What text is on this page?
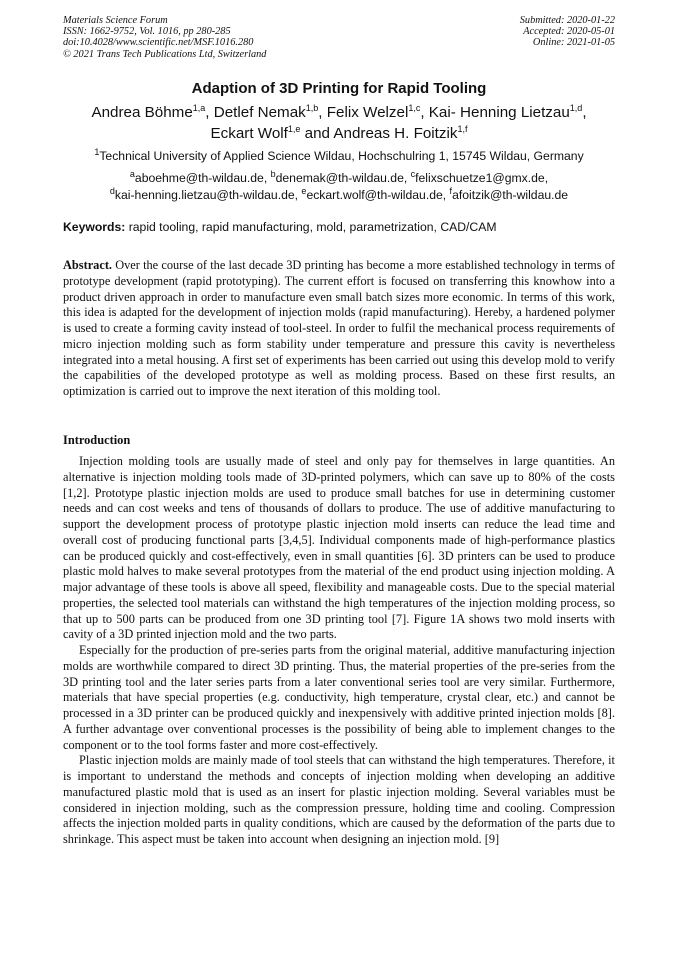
Materials Science Forum
ISSN: 1662-9752, Vol. 1016, pp 280-285
doi:10.4028/www.scientific.net/MSF.1016.280
© 2021 Trans Tech Publications Ltd, Switzerland
Submitted: 2020-01-22
Accepted: 2020-05-01
Online: 2021-01-05
Adaption of 3D Printing for Rapid Tooling
Andrea Böhme$^{1,a}$, Detlef Nemak$^{1,b}$, Felix Welzel$^{1,c}$, Kai- Henning Lietzau$^{1,d}$,
Eckart Wolf$^{1,e}$ and Andreas H. Foitzik$^{1,f}$
$^1$Technical University of Applied Science Wildau, Hochschulring 1, 15745 Wildau, Germany
$^a$aboehme@th-wildau.de, $^b$denemak@th-wildau.de, $^c$felixschuetze1@gmx.de,
$^d$kai-henning.lietzau@th-wildau.de, $^e$eckart.wolf@th-wildau.de, $^f$afoitzik@th-wildau.de
Keywords: rapid tooling, rapid manufacturing, mold, parametrization, CAD/CAM
Abstract. Over the course of the last decade 3D printing has become a more established technology in terms of prototype development (rapid prototyping). The current effort is focused on transferring this knowhow into a product driven approach in order to manufacture even small batch sizes more economic. In terms of this work, this idea is adapted for the development of injection molds (rapid manufacturing). Hereby, a hardened polymer is used to create a forming cavity instead of tool-steel. In order to fulfil the mechanical process requirements of micro injection molding such as form stability under temperature and pressure this cavity is nevertheless integrated into a metal housing. A first set of experiments has been carried out using this develop mold to verify the capabilities of the developed prototype as well as molding process. Based on these first results, an optimization is carried out to improve the next iteration of this molding tool.
Introduction

Injection molding tools are usually made of steel and only pay for themselves in large quantities. An alternative is injection molding tools made of 3D-printed polymers, which can save up to 80% of the costs [1,2]. Prototype plastic injection molds are used to produce small batches for use in determining customer needs and can cost weeks and tens of thousands of dollars to produce. The use of additive manufacturing to support the development process of prototype plastic injection mold inserts can reduce the lead time and overall cost of producing functional parts [3,4,5]. Individual components made of high-performance plastics can be produced quickly and cost-effectively, even in small quantities [6]. 3D printers can be used to produce plastic mold halves to make several prototypes from the material of the end product using injection molding. A major advantage of these tools is above all speed, flexibility and manageable costs. Due to the special material properties, the selected tool materials can withstand the high temperatures of the injection molding process, so that up to 500 parts can be produced from one 3D printing tool [7]. Figure 1A shows two mold inserts with cavity of a 3D printed injection mold and the two parts.

Especially for the production of pre-series parts from the original material, additive manufacturing injection molds are worthwhile compared to direct 3D printing. Thus, the material properties of the pre-series from the 3D printing tool and the later series parts from a later conventional series tool are very similar. Furthermore, materials that have special properties (e.g. conductivity, high temperature, crystal clear, etc.) and cannot be processed in a 3D printer can be produced quickly and inexpensively with additive printed injection molds [8]. A further advantage over conventional processes is the possibility of being able to implement changes to the component or to the tool forms faster and more cost-effectively.

Plastic injection molds are mainly made of tool steels that can withstand the high temperatures. Therefore, it is important to understand the methods and concepts of injection molding when developing an additive manufactured plastic mold that is used as an insert for plastic injection molding. Several variables must be considered in injection molding, such as the compression pressure, holding time and cooling. Compression affects the injection molded parts in quality conditions, which are caused by the deformation of the parts due to shrinkage. This aspect must be taken into account when designing an injection mold. [9]
